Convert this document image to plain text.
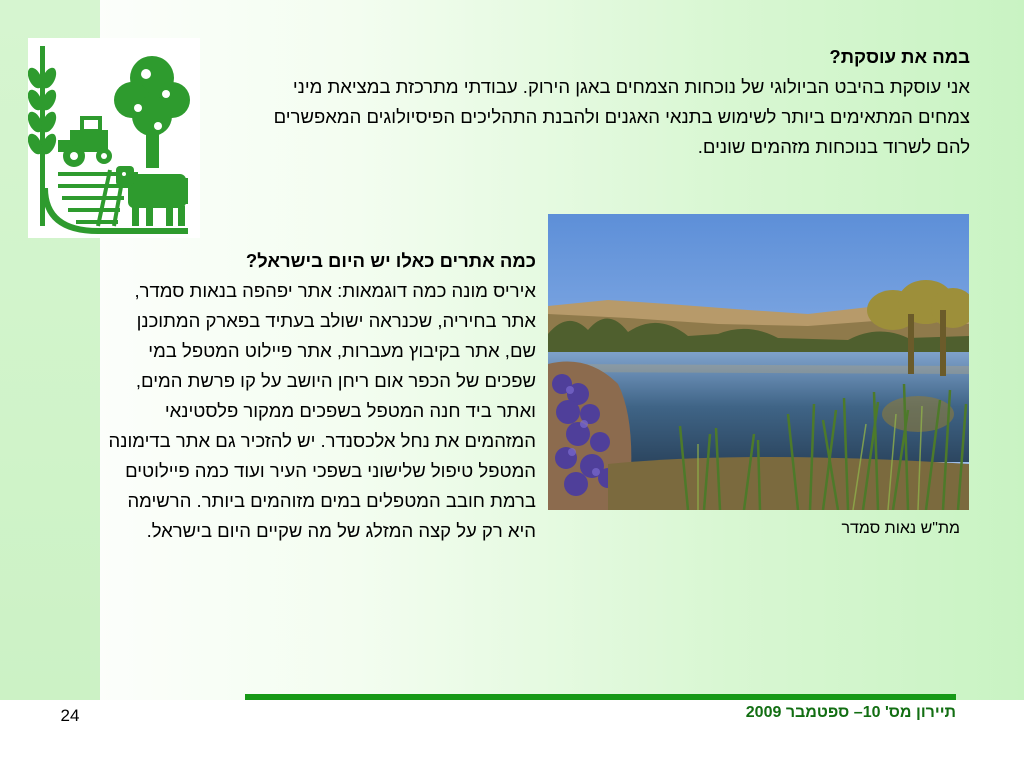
במה את עוסקת?

אני עוסקת בהיבט הביולוגי של נוכחות הצמחים באגן הירוק. עבודתי מתרכזת במציאת מיני צמחים המתאימים ביותר לשימוש בתנאי האגנים ולהבנת התהליכים הפיסיולוגים המאפשרים להם לשרוד בנוכחות מזהמים שונים.

מת"ש נאות סמדר

כמה אתרים כאלו יש היום בישראל?

איריס מונה כמה דוגמאות: אתר יפהפה בנאות סמדר, אתר בחיריה, שכנראה ישולב בעתיד בפארק המתוכנן שם, אתר בקיבוץ מעברות, אתר פיילוט המטפל במי שפכים של הכפר אום ריחן היושב על קו פרשת המים, ואתר ביד חנה המטפל בשפכים ממקור פלסטינאי המזהמים את נחל אלכסנדר. יש להזכיר גם אתר בדימונה המטפל טיפול שלישוני בשפכי העיר ועוד כמה פיילוטים ברמת חובב המטפלים במים מזוהמים ביותר. הרשימה היא רק על קצה המזלג של מה שקיים היום בישראל.

תיירון מס' 10– ספטמבר 2009
24
